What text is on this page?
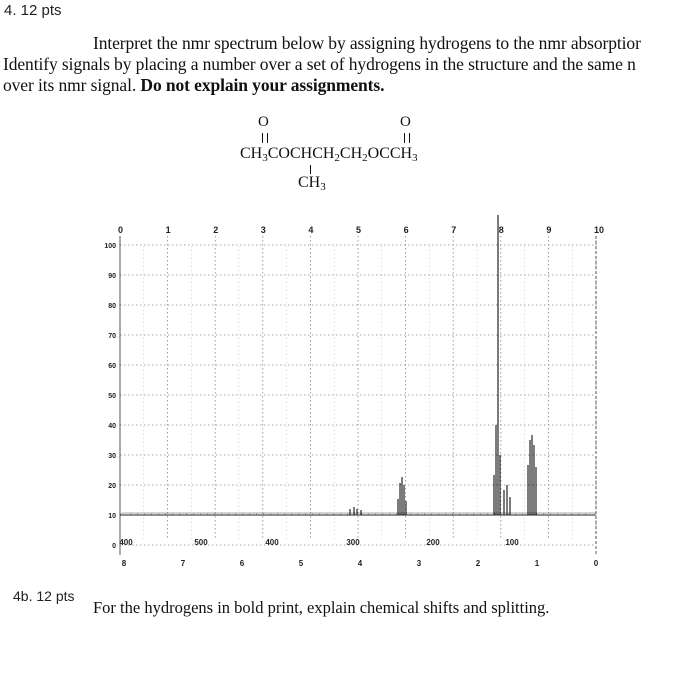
4. 12 pts
Interpret the nmr spectrum below by assigning hydrogens to the nmr absorptior
Identify signals by placing a number over a set of hydrogens in the structure and the same n
over its nmr signal. Do not explain your assignments.
O	O
$CH_3COCHCH_2CH_2OCCH_3$
$CH_3$
0	1	2	3	4	5	6	7	8	9	10
100
90
80
70
60
50
40
30
20
10
0
8	7	6	5	4	3	2	1	0
500	400	300	200	100
400
4b. 12 pts
For the hydrogens in bold print, explain chemical shifts and splitting.
